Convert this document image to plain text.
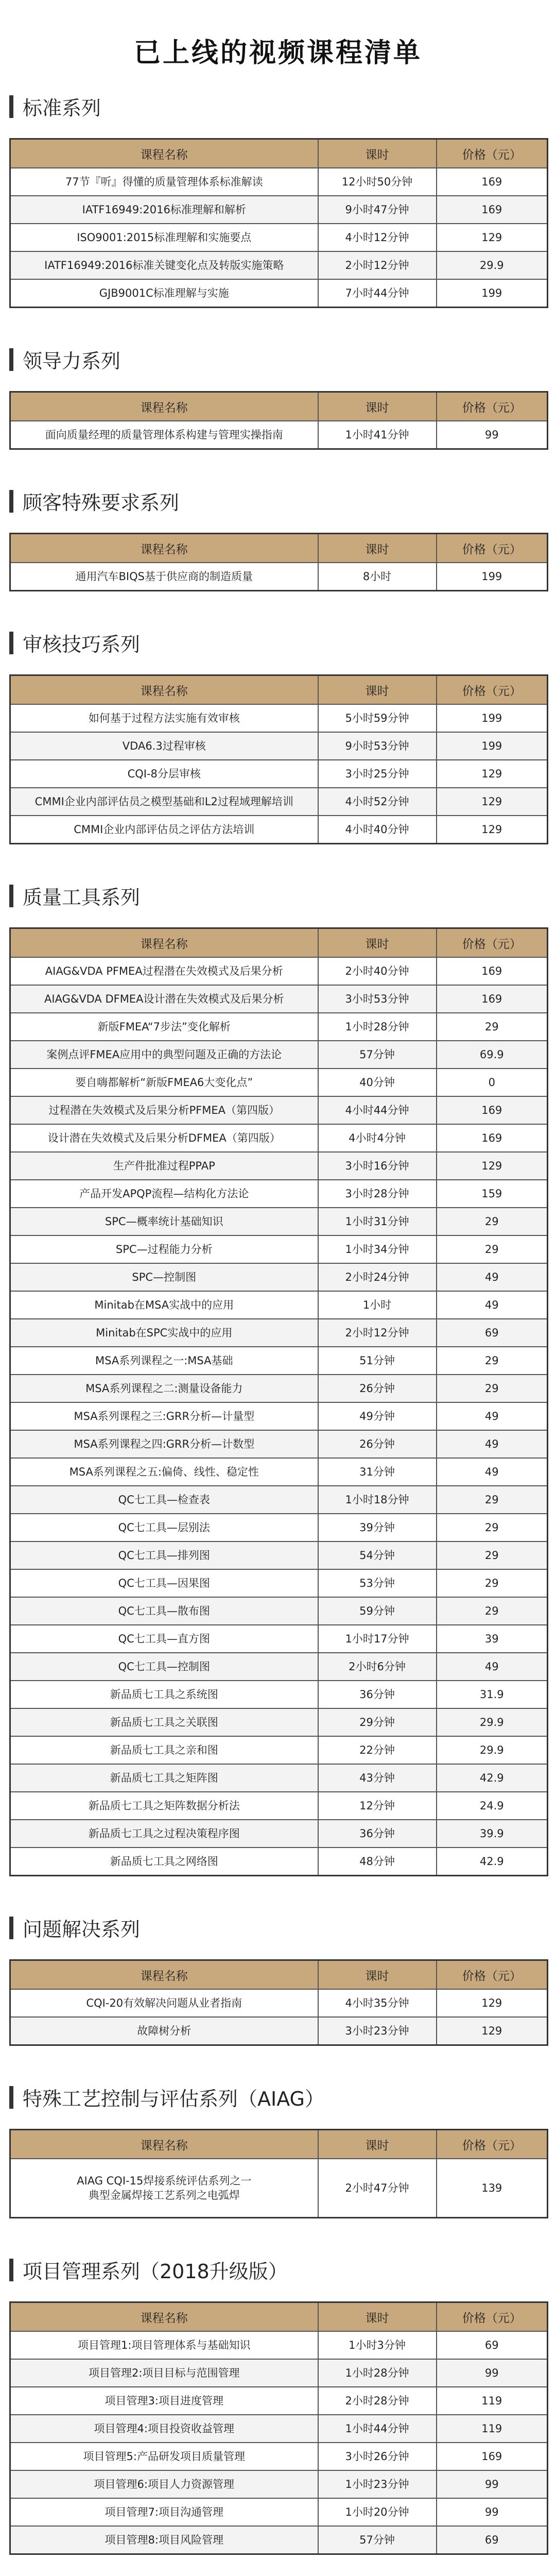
已上线的视频课程清单
标准系列
课程名称	课时	价格（元）
77节『听』得懂的质量管理体系标准解读	12小时50分钟	169
IATF16949:2016标准理解和解析	9小时47分钟	169
ISO9001:2015标准理解和实施要点	4小时12分钟	129
IATF16949:2016标准关键变化点及转版实施策略	2小时12分钟	29.9
GJB9001C标准理解与实施	7小时44分钟	199
领导力系列
课程名称	课时	价格（元）
面向质量经理的质量管理体系构建与管理实操指南	1小时41分钟	99
顾客特殊要求系列
课程名称	课时	价格（元）
通用汽车BIQS基于供应商的制造质量	8小时	199
审核技巧系列
课程名称	课时	价格（元）
如何基于过程方法实施有效审核	5小时59分钟	199
VDA6.3过程审核	9小时53分钟	199
CQI-8分层审核	3小时25分钟	129
CMMI企业内部评估员之模型基础和L2过程域理解培训	4小时52分钟	129
CMMI企业内部评估员之评估方法培训	4小时40分钟	129
质量工具系列
课程名称	课时	价格（元）
AIAG&VDA PFMEA过程潜在失效模式及后果分析	2小时40分钟	169
AIAG&VDA DFMEA设计潜在失效模式及后果分析	3小时53分钟	169
新版FMEA“7步法”变化解析	1小时28分钟	29
案例点评FMEA应用中的典型问题及正确的方法论	57分钟	69.9
要自嗨都解析“新版FMEA6大变化点”	40分钟	0
过程潜在失效模式及后果分析PFMEA（第四版）	4小时44分钟	169
设计潜在失效模式及后果分析DFMEA（第四版）	4小时4分钟	169
生产件批准过程PPAP	3小时16分钟	129
产品开发APQP流程—结构化方法论	3小时28分钟	159
SPC—概率统计基础知识	1小时31分钟	29
SPC—过程能力分析	1小时34分钟	29
SPC—控制图	2小时24分钟	49
Minitab在MSA实战中的应用	1小时	49
Minitab在SPC实战中的应用	2小时12分钟	69
MSA系列课程之一:MSA基础	51分钟	29
MSA系列课程之二:测量设备能力	26分钟	29
MSA系列课程之三:GRR分析—计量型	49分钟	49
MSA系列课程之四:GRR分析—计数型	26分钟	49
MSA系列课程之五:偏倚、线性、稳定性	31分钟	49
QC七工具—检查表	1小时18分钟	29
QC七工具—层别法	39分钟	29
QC七工具—排列图	54分钟	29
QC七工具—因果图	53分钟	29
QC七工具—散布图	59分钟	29
QC七工具—直方图	1小时17分钟	39
QC七工具—控制图	2小时6分钟	49
新品质七工具之系统图	36分钟	31.9
新品质七工具之关联图	29分钟	29.9
新品质七工具之亲和图	22分钟	29.9
新品质七工具之矩阵图	43分钟	42.9
新品质七工具之矩阵数据分析法	12分钟	24.9
新品质七工具之过程决策程序图	36分钟	39.9
新品质七工具之网络图	48分钟	42.9
问题解决系列
课程名称	课时	价格（元）
CQI-20有效解决问题从业者指南	4小时35分钟	129
故障树分析	3小时23分钟	129
特殊工艺控制与评估系列（AIAG）
课程名称	课时	价格（元）
AIAG CQI-15焊接系统评估系列之一
典型金属焊接工艺系列之电弧焊	2小时47分钟	139
项目管理系列（2018升级版）
课程名称	课时	价格（元）
项目管理1:项目管理体系与基础知识	1小时3分钟	69
项目管理2:项目目标与范围管理	1小时28分钟	99
项目管理3:项目进度管理	2小时28分钟	119
项目管理4:项目投资收益管理	1小时44分钟	119
项目管理5:产品研发项目质量管理	3小时26分钟	169
项目管理6:项目人力资源管理	1小时23分钟	99
项目管理7:项目沟通管理	1小时20分钟	99
项目管理8:项目风险管理	57分钟	69
